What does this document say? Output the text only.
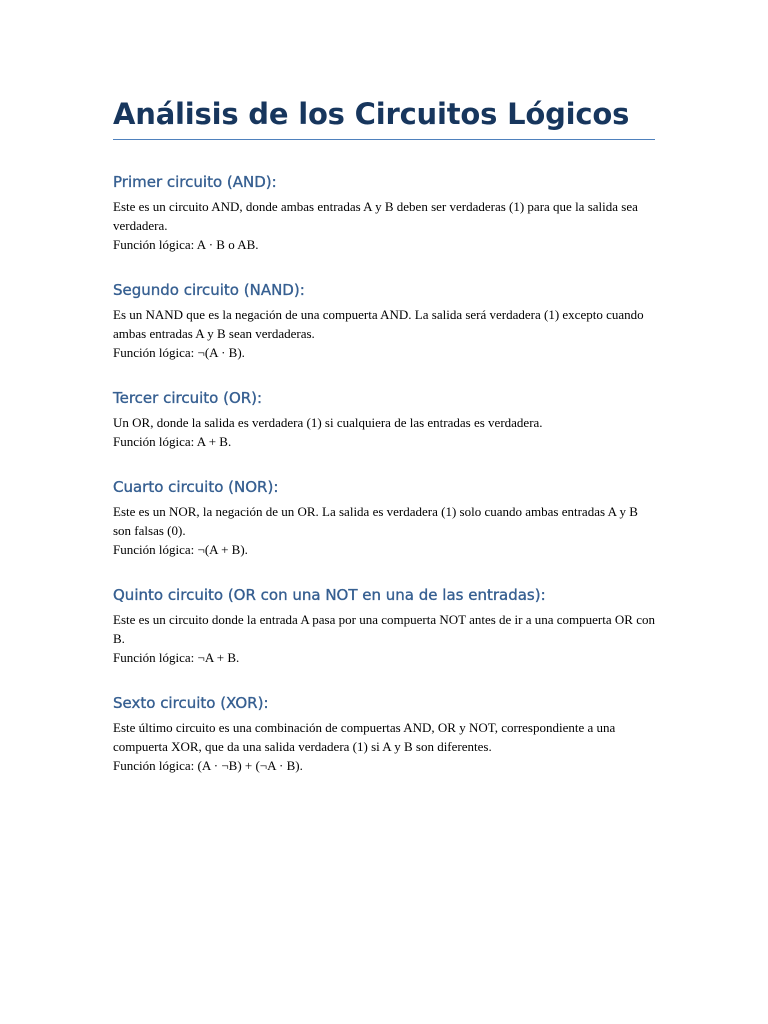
Análisis de los Circuitos Lógicos
Primer circuito (AND):

Este es un circuito AND, donde ambas entradas A y B deben ser verdaderas (1) para que la salida sea verdadera.

Función lógica: A · B o AB.

Segundo circuito (NAND):

Es un NAND que es la negación de una compuerta AND. La salida será verdadera (1) excepto cuando ambas entradas A y B sean verdaderas.

Función lógica: ¬(A · B).

Tercer circuito (OR):

Un OR, donde la salida es verdadera (1) si cualquiera de las entradas es verdadera.

Función lógica: A + B.

Cuarto circuito (NOR):

Este es un NOR, la negación de un OR. La salida es verdadera (1) solo cuando ambas entradas A y B son falsas (0).

Función lógica: ¬(A + B).

Quinto circuito (OR con una NOT en una de las entradas):

Este es un circuito donde la entrada A pasa por una compuerta NOT antes de ir a una compuerta OR con B.

Función lógica: ¬A + B.

Sexto circuito (XOR):

Este último circuito es una combinación de compuertas AND, OR y NOT, correspondiente a una compuerta XOR, que da una salida verdadera (1) si A y B son diferentes.

Función lógica: (A · ¬B) + (¬A · B).
